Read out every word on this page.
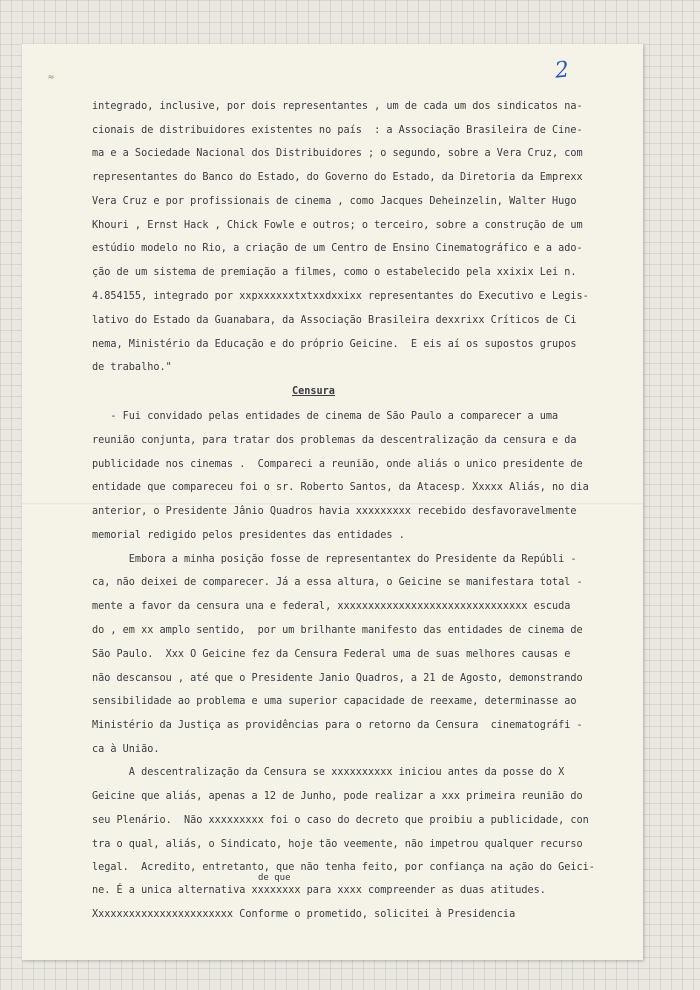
≈	2
integrado, inclusive, por dois representantes , um de cada um dos sindicatos na-
cionais de distribuidores existentes no país  : a Associação Brasileira de Cine-
ma e a Sociedade Nacional dos Distribuidores ; o segundo, sobre a Vera Cruz, com
representantes do Banco do Estado, do Governo do Estado, da Diretoria da Emprexx
Vera Cruz e por profissionais de cinema , como Jacques Deheinzelin, Walter Hugo
Khouri , Ernst Hack , Chick Fowle e outros; o terceiro, sobre a construção de um
estúdio modelo no Rio, a criação de um Centro de Ensino Cinematográfico e a ado-
ção de um sistema de premiação a filmes, como o estabelecido pela xxixix Lei n.
4.854155, integrado por xxpxxxxxxtxtxxdxxixx representantes do Executivo e Legis-
lativo do Estado da Guanabara, da Associação Brasileira dexxrixx Críticos de Ci
nema, Ministério da Educação e do próprio Geicine.  E eis aí os supostos grupos
de trabalho."
Censura
- Fui convidado pelas entidades de cinema de São Paulo a comparecer a uma
reunião conjunta, para tratar dos problemas da descentralização da censura e da
publicidade nos cinemas .  Compareci a reunião, onde aliás o unico presidente de
entidade que compareceu foi o sr. Roberto Santos, da Atacesp. Xxxxx Aliás, no dia
anterior, o Presidente Jânio Quadros havia xxxxxxxxx recebido desfavoravelmente
memorial redigido pelos presidentes das entidades .
Embora a minha posição fosse de representantex do Presidente da Repúbli -
ca, não deixei de comparecer. Já a essa altura, o Geicine se manifestara total -
mente a favor da censura una e federal, xxxxxxxxxxxxxxxxxxxxxxxxxxxxxxx escuda
do , em xx amplo sentido,  por um brilhante manifesto das entidades de cinema de
São Paulo.  Xxx O Geicine fez da Censura Federal uma de suas melhores causas e
não descansou , até que o Presidente Janio Quadros, a 21 de Agosto, demonstrando
sensibilidade ao problema e uma superior capacidade de reexame, determinasse ao
Ministério da Justiça as providências para o retorno da Censura  cinematográfi -
ca à União.
A descentralização da Censura se xxxxxxxxxx iniciou antes da posse do X
Geicine que aliás, apenas a 12 de Junho, pode realizar a xxx primeira reunião do
seu Plenário.  Não xxxxxxxxx foi o caso do decreto que proibiu a publicidade, con
tra o qual, aliás, o Sindicato, hoje tão veemente, não impetrou qualquer recurso
legal.  Acredito, entretanto, que não tenha feito, por confiança na ação do Geici-
de que
ne. É a unica alternativa xxxxxxxx para xxxx compreender as duas atitudes.
Xxxxxxxxxxxxxxxxxxxxxxx Conforme o prometido, solicitei à Presidencia
